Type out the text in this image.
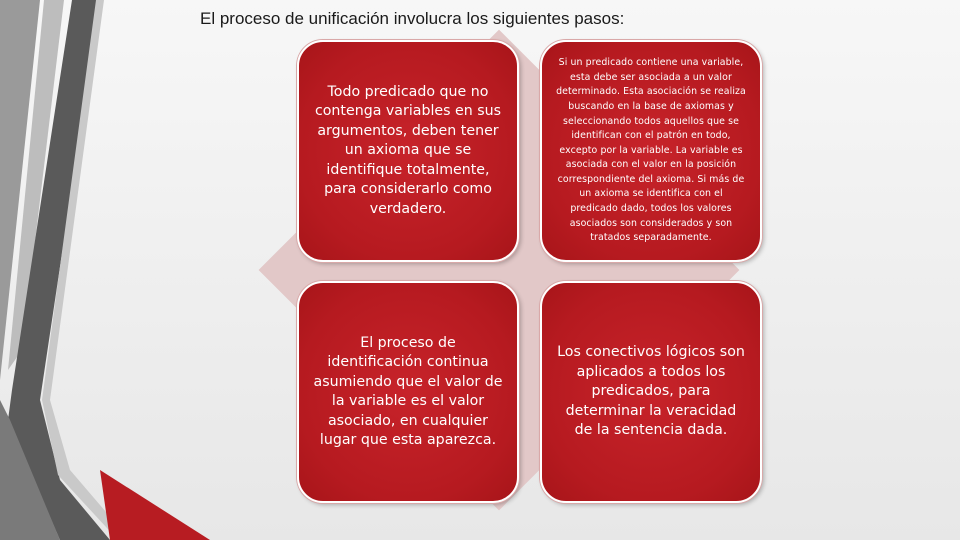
El proceso de unificación involucra los siguientes pasos:

Todo predicado que no contenga variables en sus argumentos, deben tener un axioma que se identifique totalmente, para considerarlo como verdadero.

Si un predicado contiene una variable, esta debe ser asociada a un valor determinado. Esta asociación se realiza buscando en la base de axiomas y seleccionando todos aquellos que se identifican con el patrón en todo, excepto por la variable. La variable es asociada con el valor en la posición correspondiente del axioma. Si más de un axioma se identifica con el predicado dado, todos los valores asociados son considerados y son tratados separadamente.

El proceso de identificación continua asumiendo que el valor de la variable es el valor asociado, en cualquier lugar que esta aparezca.

Los conectivos lógicos son aplicados a todos los predicados, para determinar la veracidad de la sentencia dada.
